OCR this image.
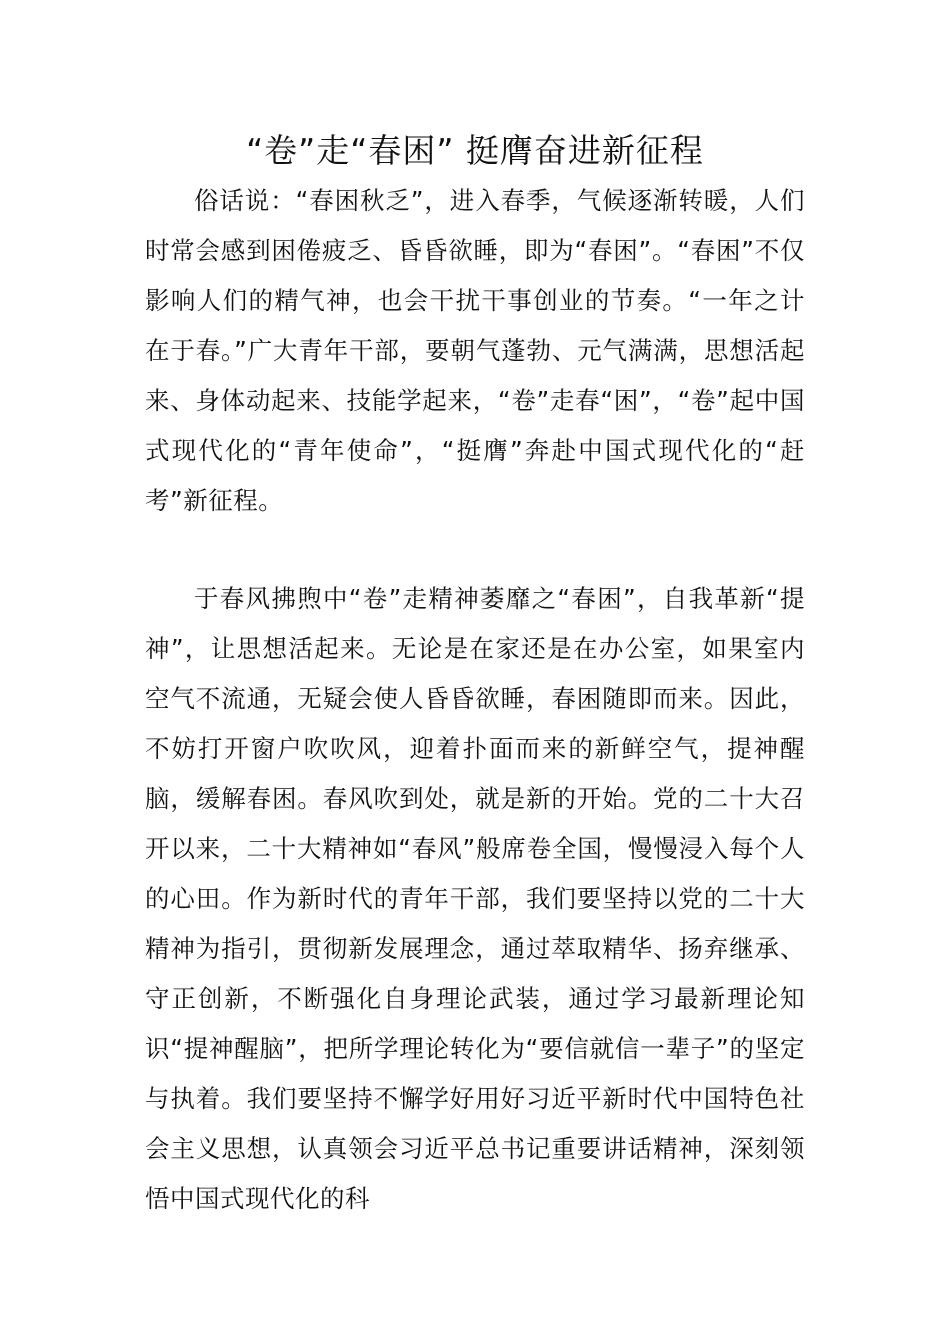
“卷”走“春困” 挺膺奋进新征程

俗话说：“春困秋乏”，进入春季，气候逐渐转暖，人们时常会感到困倦疲乏、昏昏欲睡，即为“春困”。“春困”不仅影响人们的精气神，也会干扰干事创业的节奏。“一年之计在于春。”广大青年干部，要朝气蓬勃、元气满满，思想活起来、身体动起来、技能学起来，“卷”走春“困”，“卷”起中国式现代化的“青年使命”，“挺膺”奔赴中国式现代化的“赶考”新征程。

于春风拂煦中“卷”走精神萎靡之“春困”，自我革新“提神”，让思想活起来。无论是在家还是在办公室，如果室内空气不流通，无疑会使人昏昏欲睡，春困随即而来。因此，不妨打开窗户吹吹风，迎着扑面而来的新鲜空气，提神醒脑，缓解春困。春风吹到处，就是新的开始。党的二十大召开以来，二十大精神如“春风”般席卷全国，慢慢浸入每个人的心田。作为新时代的青年干部，我们要坚持以党的二十大精神为指引，贯彻新发展理念，通过萃取精华、扬弃继承、守正创新，不断强化自身理论武装，通过学习最新理论知识“提神醒脑”，把所学理论转化为“要信就信一辈子”的坚定与执着。我们要坚持不懈学好用好习近平新时代中国特色社会主义思想，认真领会习近平总书记重要讲话精神，深刻领悟中国式现代化的科
